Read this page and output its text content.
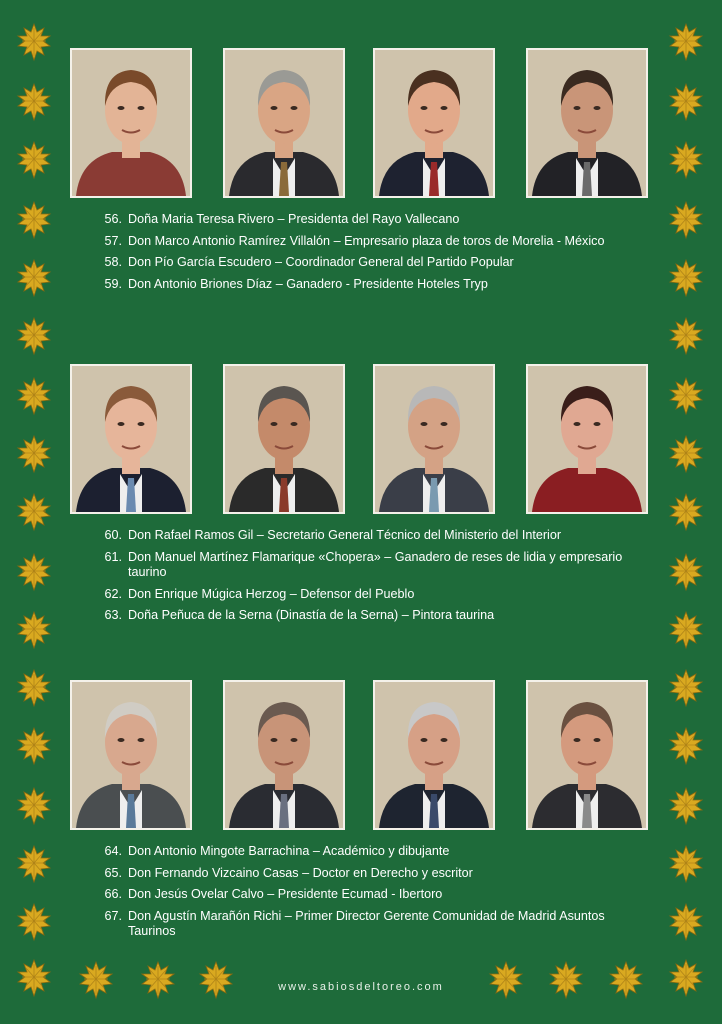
56. Doña Maria Teresa Rivero – Presidenta del Rayo Vallecano
57. Don Marco Antonio Ramírez Villalón – Empresario plaza de toros de Morelia - México
58. Don Pío García Escudero – Coordinador General del Partido Popular
59. Don Antonio Briones Díaz – Ganadero - Presidente Hoteles Tryp
60. Don Rafael Ramos Gil – Secretario General Técnico del Ministerio del Interior
61. Don Manuel Martínez Flamarique «Chopera» – Ganadero de reses de lidia y empresario taurino
62. Don Enrique Múgica Herzog – Defensor del Pueblo
63. Doña Peñuca de la Serna (Dinastía de la Serna) – Pintora taurina
64. Don Antonio Mingote Barrachina – Académico y dibujante
65. Don Fernando Vizcaino Casas – Doctor en Derecho y escritor
66. Don Jesús Ovelar Calvo – Presidente Ecumad - Ibertoro
67. Don Agustín Marañón Richi – Primer Director Gerente Comunidad de Madrid Asuntos Taurinos
www.sabiosdeltoreo.com
